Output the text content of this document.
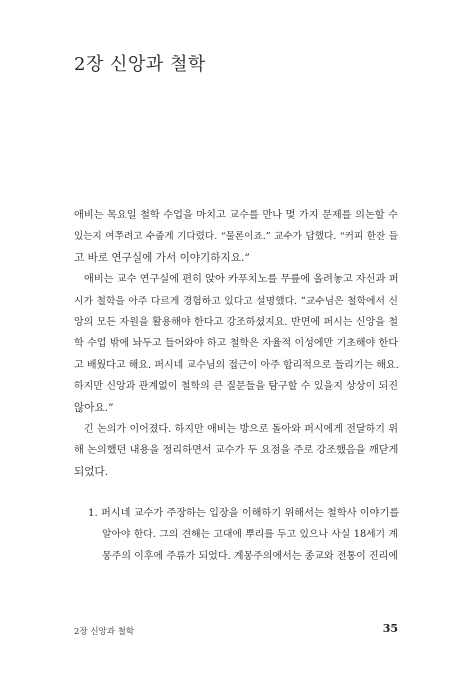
2장 신앙과 철학
애비는 목요일 철학 수업을 마치고 교수를 만나 몇 가지 문제를 의논할 수
있는지 여쭈려고 수줍게 기다렸다. “물론이죠.” 교수가 답했다. “커피 한잔 들
고 바로 연구실에 가서 이야기하지요.”
애비는 교수 연구실에 편히 앉아 카푸치노를 무릎에 올려놓고 자신과 퍼
시가 철학을 아주 다르게 경험하고 있다고 설명했다. “교수님은 철학에서 신
앙의 모든 자원을 활용해야 한다고 강조하셨지요. 반면에 퍼시는 신앙을 철
학 수업 밖에 놔두고 들어와야 하고 철학은 자율적 이성에만 기초해야 한다
고 배웠다고 해요. 퍼시네 교수님의 접근이 아주 합리적으로 들리기는 해요.
하지만 신앙과 관계없이 철학의 큰 질문들을 탐구할 수 있을지 상상이 되진
않아요.”
긴 논의가 이어졌다. 하지만 애비는 방으로 돌아와 퍼시에게 전달하기 위
해 논의했던 내용을 정리하면서 교수가 두 요점을 주로 강조했음을 깨닫게
되었다.
1. 퍼시네 교수가 주장하는 입장을 이해하기 위해서는 철학사 이야기를
알아야 한다. 그의 견해는 고대에 뿌리를 두고 있으나 사실 18세기 계
몽주의 이후에 주류가 되었다. 계몽주의에서는 종교와 전통이 진리에
2장 신앙과 철학	35
